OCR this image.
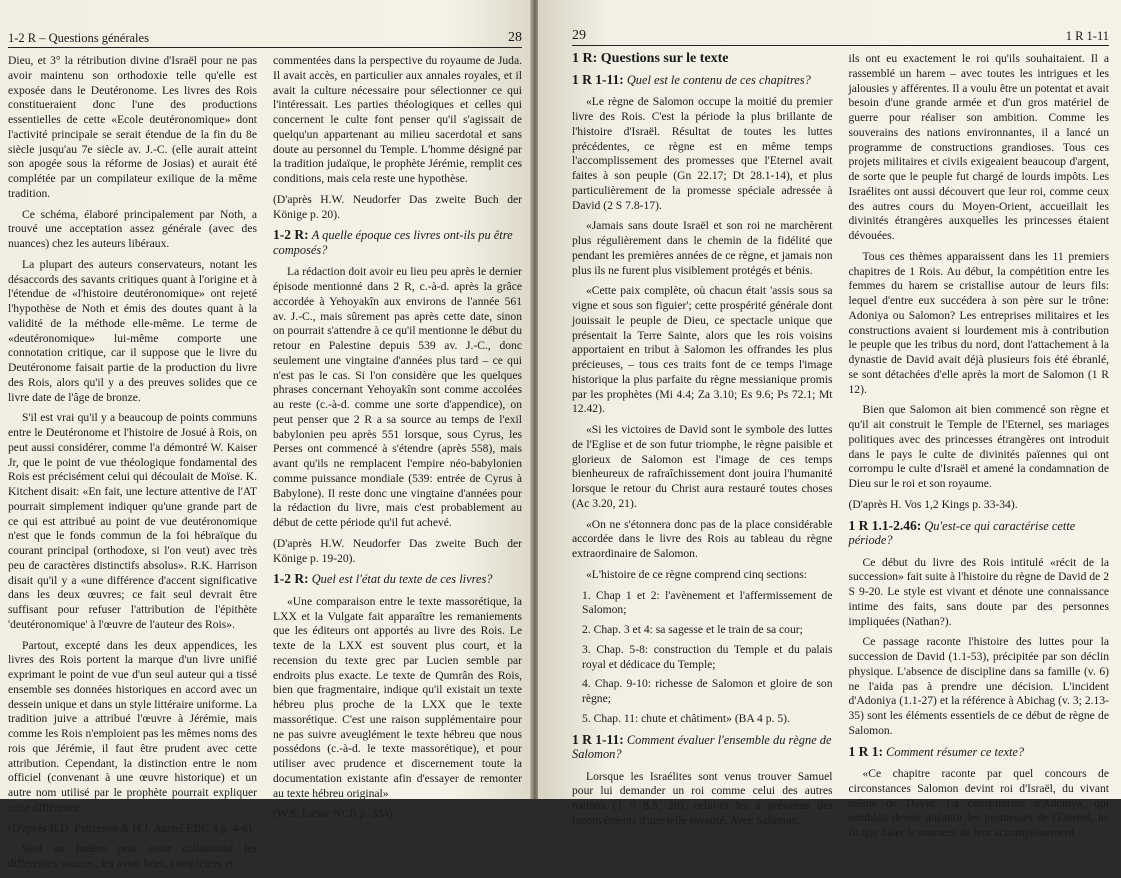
1-2 R – Questions générales	28

Dieu, et 3° la rétribution divine d'Israël pour ne pas avoir maintenu son orthodoxie telle qu'elle est exposée dans le Deutéronome. Les livres des Rois constitueraient donc l'une des productions essentielles de cette «Ecole deutéronomique» dont l'activité principale se serait étendue de la fin du 8e siècle jusqu'au 7e siècle av. J.-C. (elle aurait atteint son apogée sous la réforme de Josias) et aurait été complétée par un compilateur exilique de la même tradition.

Ce schéma, élaboré principalement par Noth, a trouvé une acceptation assez générale (avec des nuances) chez les auteurs libéraux.

La plupart des auteurs conservateurs, notant les désaccords des savants critiques quant à l'origine et à l'étendue de «l'histoire deutéronomique» ont rejeté l'hypothèse de Noth et émis des doutes quant à la validité de la méthode elle-même. Le terme de «deutéronomique» lui-même comporte une connotation critique, car il suppose que le livre du Deutéronome faisait partie de la production du livre des Rois, alors qu'il y a des preuves solides que ce livre date de l'âge de bronze.

S'il est vrai qu'il y a beaucoup de points communs entre le Deutéronome et l'histoire de Josué à Rois, on peut aussi considérer, comme l'a démontré W. Kaiser Jr, que le point de vue théologique fondamental des Rois est précisément celui qui découlait de Moïse. K. Kitchent disait: «En fait, une lecture attentive de l'AT pourrait simplement indiquer qu'une grande part de ce qui est attribué au point de vue deutéronomique n'est que le fonds commun de la foi hébraïque du courant principal (orthodoxe, si l'on veut) avec très peu de caractères distinctifs absolus». R.K. Harrison disait qu'il y a «une différence d'accent significative dans les deux œuvres; ce fait seul devrait être suffisant pour refuser l'attribution de l'épithète 'deutéronomique' à l'œuvre de l'auteur des Rois».

Partout, excepté dans les deux appendices, les livres des Rois portent la marque d'un livre unifié exprimant le point de vue d'un seul auteur qui a tissé ensemble ses données historiques en accord avec un dessein unique et dans un style littéraire uniforme. La tradition juive a attribué l'œuvre à Jérémie, mais comme les Rois n'emploient pas les mêmes noms des rois que Jérémie, il faut être prudent avec cette attribution. Cependant, la distinction entre le nom officiel (convenant à une œuvre historique) et un autre nom utilisé par le prophète pourrait expliquer cette différence.

(D'après R.D. Patterson & H.J. Austel EBC 4 p. 4-6).

Seul un Judéen peut avoir collationné les différentes sources, les avoir liées, complétées et

commentées dans la perspective du royaume de Juda. Il avait accès, en particulier aux annales royales, et il avait la culture nécessaire pour sélectionner ce qui l'intéressait. Les parties théologiques et celles qui concernent le culte font penser qu'il s'agissait de quelqu'un appartenant au milieu sacerdotal et sans doute au personnel du Temple. L'homme désigné par la tradition judaïque, le prophète Jérémie, remplit ces conditions, mais cela reste une hypothèse.

(D'après H.W. Neudorfer Das zweite Buch der Könige p. 20).

1-2 R: A quelle époque ces livres ont-ils pu être composés?

La rédaction doit avoir eu lieu peu après le dernier épisode mentionné dans 2 R, c.-à-d. après la grâce accordée à Yehoyakîn aux environs de l'année 561 av. J.-C., mais sûrement pas après cette date, sinon on pourrait s'attendre à ce qu'il mentionne le début du retour en Palestine depuis 539 av. J.-C., donc seulement une vingtaine d'années plus tard – ce qui n'est pas le cas. Si l'on considère que les quelques phrases concernant Yehoyakîn sont comme accolées au reste (c.-à-d. comme une sorte d'appendice), on peut penser que 2 R a sa source au temps de l'exil babylonien peu après 551 lorsque, sous Cyrus, les Perses ont commencé à s'étendre (après 558), mais avant qu'ils ne remplacent l'empire néo-babylonien comme puissance mondiale (539: entrée de Cyrus à Babylone). Il reste donc une vingtaine d'années pour la rédaction du livre, mais c'est probablement au début de cette période qu'il fut achevé.

(D'après H.W. Neudorfer Das zweite Buch der Könige p. 19-20).

1-2 R: Quel est l'état du texte de ces livres?

«Une comparaison entre le texte massorétique, la LXX et la Vulgate fait apparaître les remaniements que les éditeurs ont apportés au livre des Rois. Le texte de la LXX est souvent plus court, et la recension du texte grec par Lucien semble par endroits plus exacte. Le texte de Qumrân des Rois, bien que fragmentaire, indique qu'il existait un texte hébreu plus proche de la LXX que le texte massorétique. C'est une raison supplémentaire pour ne pas suivre aveuglément le texte hébreu que nous possédons (c.-à-d. le texte massorétique), et pour utiliser avec prudence et discernement toute la documentation existante afin d'essayer de remonter au texte hébreu original»

(W.S. LaSor NCB p. 334).

29	1 R 1-11
1 R: Questions sur le texte
1 R 1-11: Quel est le contenu de ces chapitres?

«Le règne de Salomon occupe la moitié du premier livre des Rois. C'est la période la plus brillante de l'histoire d'Israël. Résultat de toutes les luttes précédentes, ce règne est en même temps l'accomplissement des promesses que l'Eternel avait faites à son peuple (Gn 22.17; Dt 28.1-14), et plus particulièrement de la promesse spéciale adressée à David (2 S 7.8-17).

«Jamais sans doute Israël et son roi ne marchèrent plus régulièrement dans le chemin de la fidélité que pendant les premières années de ce règne, et jamais non plus ils ne furent plus visiblement protégés et bénis.

«Cette paix complète, où chacun était 'assis sous sa vigne et sous son figuier'; cette prospérité générale dont jouissait le peuple de Dieu, ce spectacle unique que présentait la Terre Sainte, alors que les rois voisins apportaient en tribut à Salomon les offrandes les plus précieuses, – tous ces traits font de ce temps l'image historique la plus parfaite du règne messianique promis par les prophètes (Mi 4.4; Za 3.10; Es 9.6; Ps 72.1; Mt 12.42).

«Si les victoires de David sont le symbole des luttes de l'Eglise et de son futur triomphe, le règne paisible et glorieux de Salomon est l'image de ces temps bienheureux de rafraîchissement dont jouira l'humanité lorsque le retour du Christ aura restauré toutes choses (Ac 3.20, 21).

«On ne s'étonnera donc pas de la place considérable accordée dans le livre des Rois au tableau du règne extraordinaire de Salomon.

«L'histoire de ce règne comprend cinq sections:

1. Chap 1 et 2: l'avènement et l'affermissement de Salomon;

2. Chap. 3 et 4: sa sagesse et le train de sa cour;

3. Chap. 5-8: construction du Temple et du palais royal et dédicace du Temple;

4. Chap. 9-10: richesse de Salomon et gloire de son règne;

5. Chap. 11: chute et châtiment» (BA 4 p. 5).

1 R 1-11: Comment évaluer l'ensemble du règne de Salomon?

Lorsque les Israélites sont venus trouver Samuel pour lui demander un roi comme celui des autres nations (1 S 8.5, 20), celui-ci les a prévenus des inconvénients d'une telle royauté. Avec Salomon,

ils ont eu exactement le roi qu'ils souhaitaient. Il a rassemblé un harem – avec toutes les intrigues et les jalousies y afférentes. Il a voulu être un potentat et avait besoin d'une grande armée et d'un gros matériel de guerre pour réaliser son ambition. Comme les souverains des nations environnantes, il a lancé un programme de constructions grandioses. Tous ces projets militaires et civils exigeaient beaucoup d'argent, de sorte que le peuple fut chargé de lourds impôts. Les Israélites ont aussi découvert que leur roi, comme ceux des autres cours du Moyen-Orient, accueillait les divinités étrangères auxquelles les princesses étaient dévouées.

Tous ces thèmes apparaissent dans les 11 premiers chapitres de 1 Rois. Au début, la compétition entre les femmes du harem se cristallise autour de leurs fils: lequel d'entre eux succédera à son père sur le trône: Adoniya ou Salomon? Les entreprises militaires et les constructions avaient si lourdement mis à contribution le peuple que les tribus du nord, dont l'attachement à la dynastie de David avait déjà plusieurs fois été ébranlé, se sont détachées d'elle après la mort de Salomon (1 R 12).

Bien que Salomon ait bien commencé son règne et qu'il ait construit le Temple de l'Eternel, ses mariages politiques avec des princesses étrangères ont introduit dans le pays le culte de divinités païennes qui ont corrompu le culte d'Israël et amené la condamnation de Dieu sur le roi et son royaume.

(D'après H. Vos 1,2 Kings p. 33-34).

1 R 1.1-2.46: Qu'est-ce qui caractérise cette période?

Ce début du livre des Rois intitulé «récit de la succession» fait suite à l'histoire du règne de David de 2 S 9-20. Le style est vivant et dénote une connaissance intime des faits, sans doute par des personnes impliquées (Nathan?).

Ce passage raconte l'histoire des luttes pour la succession de David (1.1-53), précipitée par son déclin physique. L'absence de discipline dans sa famille (v. 6) ne l'aida pas à prendre une décision. L'incident d'Adoniya (1.1-27) et la référence à Abichag (v. 3; 2.13-35) sont les éléments essentiels de ce début de règne de Salomon.

1 R 1: Comment résumer ce texte?

«Ce chapitre raconte par quel concours de circonstances Salomon devint roi d'Israël, du vivant même de David. La conspiration d'Adoniya, qui semblait devoir anéantir les promesses de l'Eternel, ne fit que hâter le moment de leur accomplissement.
